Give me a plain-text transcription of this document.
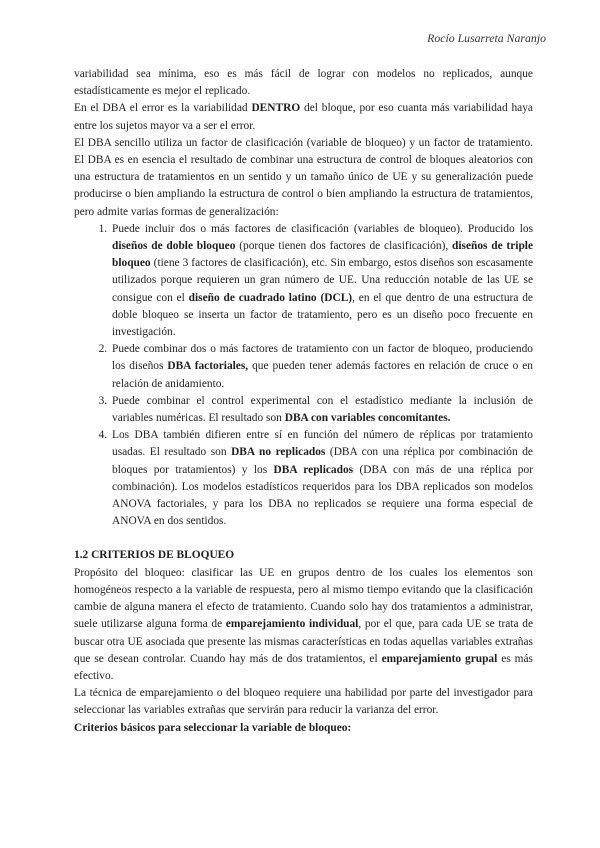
Rocío Lusarreta Naranjo

variabilidad sea mínima, eso es más fácil de lograr con modelos no replicados, aunque estadísticamente es mejor el replicado.

En el DBA el error es la variabilidad DENTRO del bloque, por eso cuanta más variabilidad haya entre los sujetos mayor va a ser el error.

El DBA sencillo utiliza un factor de clasificación (variable de bloqueo) y un factor de tratamiento. El DBA es en esencia el resultado de combinar una estructura de control de bloques aleatorios con una estructura de tratamientos en un sentido y un tamaño único de UE y su generalización puede producirse o bien ampliando la estructura de control o bien ampliando la estructura de tratamientos, pero admite varias formas de generalización:

1. Puede incluir dos o más factores de clasificación (variables de bloqueo). Producido los diseños de doble bloqueo (porque tienen dos factores de clasificación), diseños de triple bloqueo (tiene 3 factores de clasificación), etc. Sin embargo, estos diseños son escasamente utilizados porque requieren un gran número de UE. Una reducción notable de las UE se consigue con el diseño de cuadrado latino (DCL), en el que dentro de una estructura de doble bloqueo se inserta un factor de tratamiento, pero es un diseño poco frecuente en investigación.
2. Puede combinar dos o más factores de tratamiento con un factor de bloqueo, produciendo los diseños DBA factoriales, que pueden tener además factores en relación de cruce o en relación de anidamiento.
3. Puede combinar el control experimental con el estadístico mediante la inclusión de variables numéricas. El resultado son DBA con variables concomitantes.
4. Los DBA también difieren entre sí en función del número de réplicas por tratamiento usadas. El resultado son DBA no replicados (DBA con una réplica por combinación de bloques por tratamientos) y los DBA replicados (DBA con más de una réplica por combinación). Los modelos estadísticos requeridos para los DBA replicados son modelos ANOVA factoriales, y para los DBA no replicados se requiere una forma especial de ANOVA en dos sentidos.

1.2 CRITERIOS DE BLOQUEO

Propósito del bloqueo: clasificar las UE en grupos dentro de los cuales los elementos son homogéneos respecto a la variable de respuesta, pero al mismo tiempo evitando que la clasificación cambie de alguna manera el efecto de tratamiento. Cuando solo hay dos tratamientos a administrar, suele utilizarse alguna forma de emparejamiento individual, por el que, para cada UE se trata de buscar otra UE asociada que presente las mismas características en todas aquellas variables extrañas que se desean controlar. Cuando hay más de dos tratamientos, el emparejamiento grupal es más efectivo.

La técnica de emparejamiento o del bloqueo requiere una habilidad por parte del investigador para seleccionar las variables extrañas que servirán para reducir la varianza del error.

Criterios básicos para seleccionar la variable de bloqueo:
